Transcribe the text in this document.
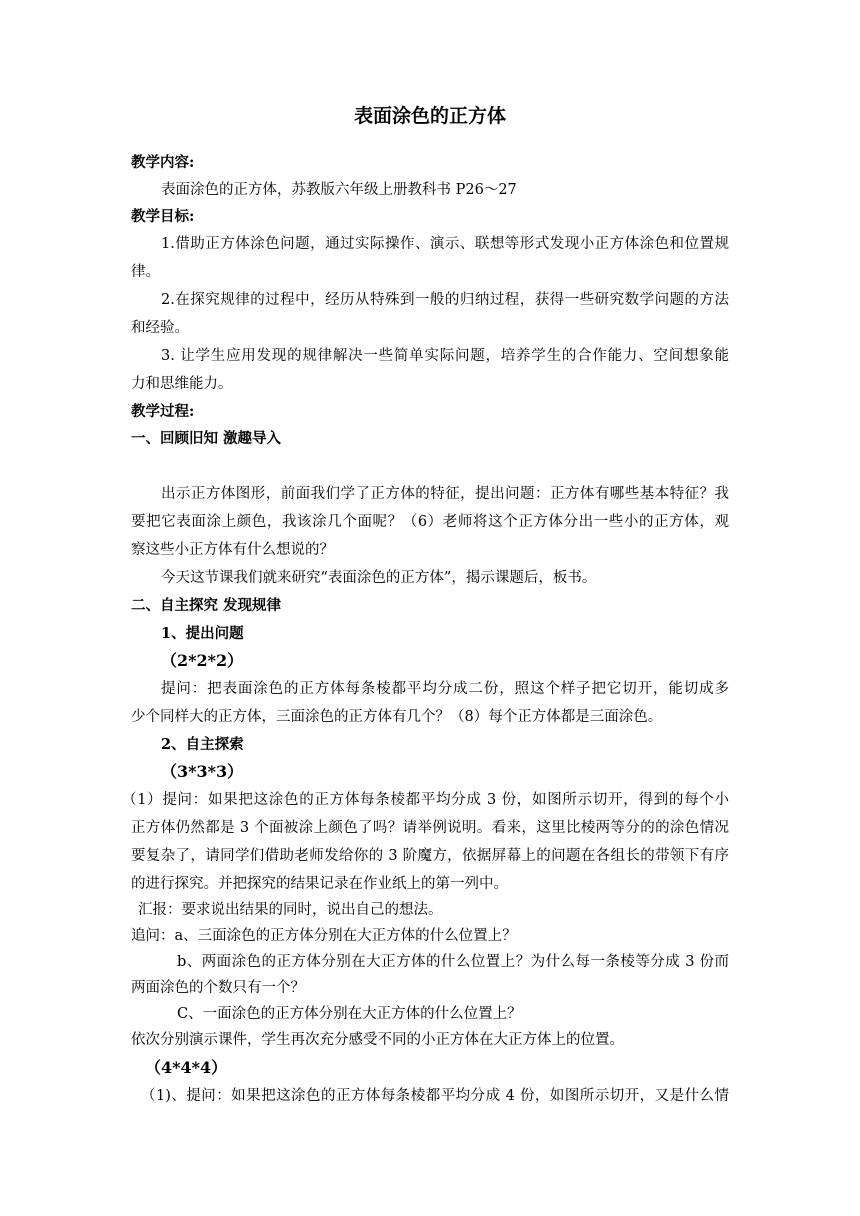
表面涂色的正方体
教学内容:
表面涂色的正方体，苏教版六年级上册教科书 P26～27
教学目标:
1.借助正方体涂色问题，通过实际操作、演示、联想等形式发现小正方体涂色和位置规
律。
2.在探究规律的过程中，经历从特殊到一般的归纳过程，获得一些研究数学问题的方法
和经验。
3. 让学生应用发现的规律解决一些简单实际问题，培养学生的合作能力、空间想象能
力和思维能力。
教学过程:
一、回顾旧知 激趣导入
出示正方体图形，前面我们学了正方体的特征，提出问题：正方体有哪些基本特征？我
要把它表面涂上颜色，我该涂几个面呢？（6）老师将这个正方体分出一些小的正方体，观
察这些小正方体有什么想说的？
今天这节课我们就来研究“表面涂色的正方体”，揭示课题后，板书。
二、自主探究 发现规律
1、提出问题
（2*2*2）
提问：把表面涂色的正方体每条棱都平均分成二份，照这个样子把它切开，能切成多
少个同样大的正方体，三面涂色的正方体有几个？（8）每个正方体都是三面涂色。
2、自主探索
（3*3*3）
（1）提问：如果把这涂色的正方体每条棱都平均分成 3 份，如图所示切开，得到的每个小
正方体仍然都是 3 个面被涂上颜色了吗？请举例说明。看来，这里比棱两等分的的涂色情况
要复杂了，请同学们借助老师发给你的 3 阶魔方，依据屏幕上的问题在各组长的带领下有序
的进行探究。并把探究的结果记录在作业纸上的第一列中。
汇报：要求说出结果的同时，说出自己的想法。
追问：a、三面涂色的正方体分别在大正方体的什么位置上？
b、两面涂色的正方体分别在大正方体的什么位置上？为什么每一条棱等分成 3 份而
两面涂色的个数只有一个？
C、一面涂色的正方体分别在大正方体的什么位置上？
依次分别演示课件，学生再次充分感受不同的小正方体在大正方体上的位置。
（4*4*4）
（1)、提问：如果把这涂色的正方体每条棱都平均分成 4 份，如图所示切开，又是什么情
